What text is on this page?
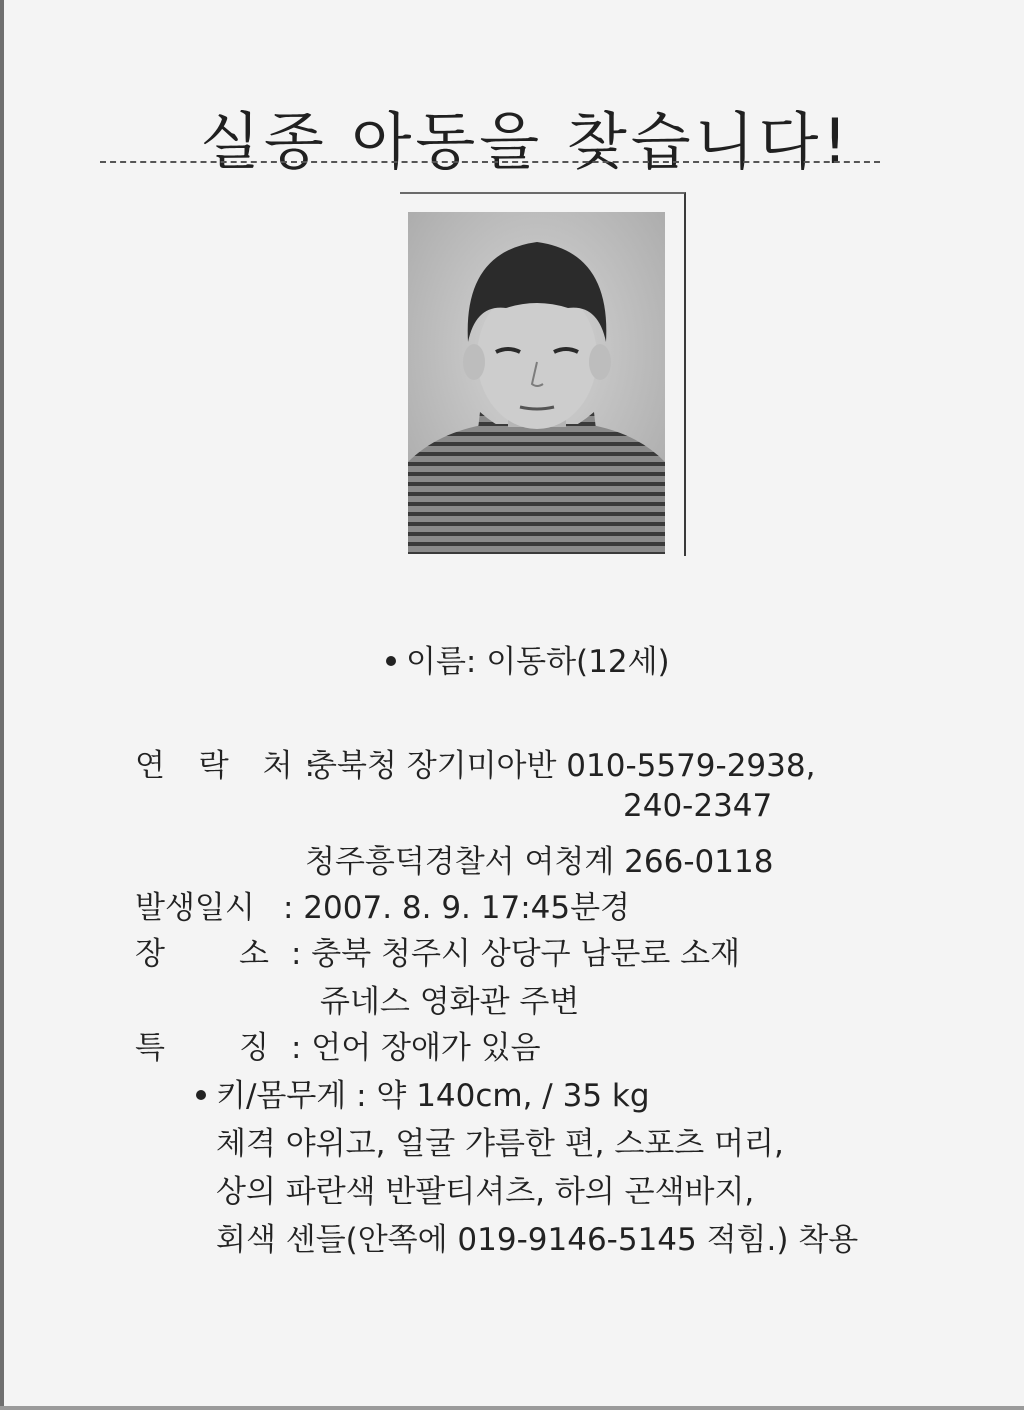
실종 아동을 찾습니다!
이름: 이동하(12세)
연 락 처:충북청 장기미아반 010-5579-2938,
240-2347
청주흥덕경찰서 여청계 266-0118
발생일시 : 2007. 8. 9. 17:45분경
장 소 : 충북 청주시 상당구 남문로 소재
쥬네스 영화관 주변
특 징 : 언어 장애가 있음
키/몸무게 : 약 140cm, / 35 kg
체격 야위고, 얼굴 갸름한 편, 스포츠 머리,
상의 파란색 반팔티셔츠, 하의 곤색바지,
회색 센들(안쪽에 019-9146-5145 적힘.) 착용
